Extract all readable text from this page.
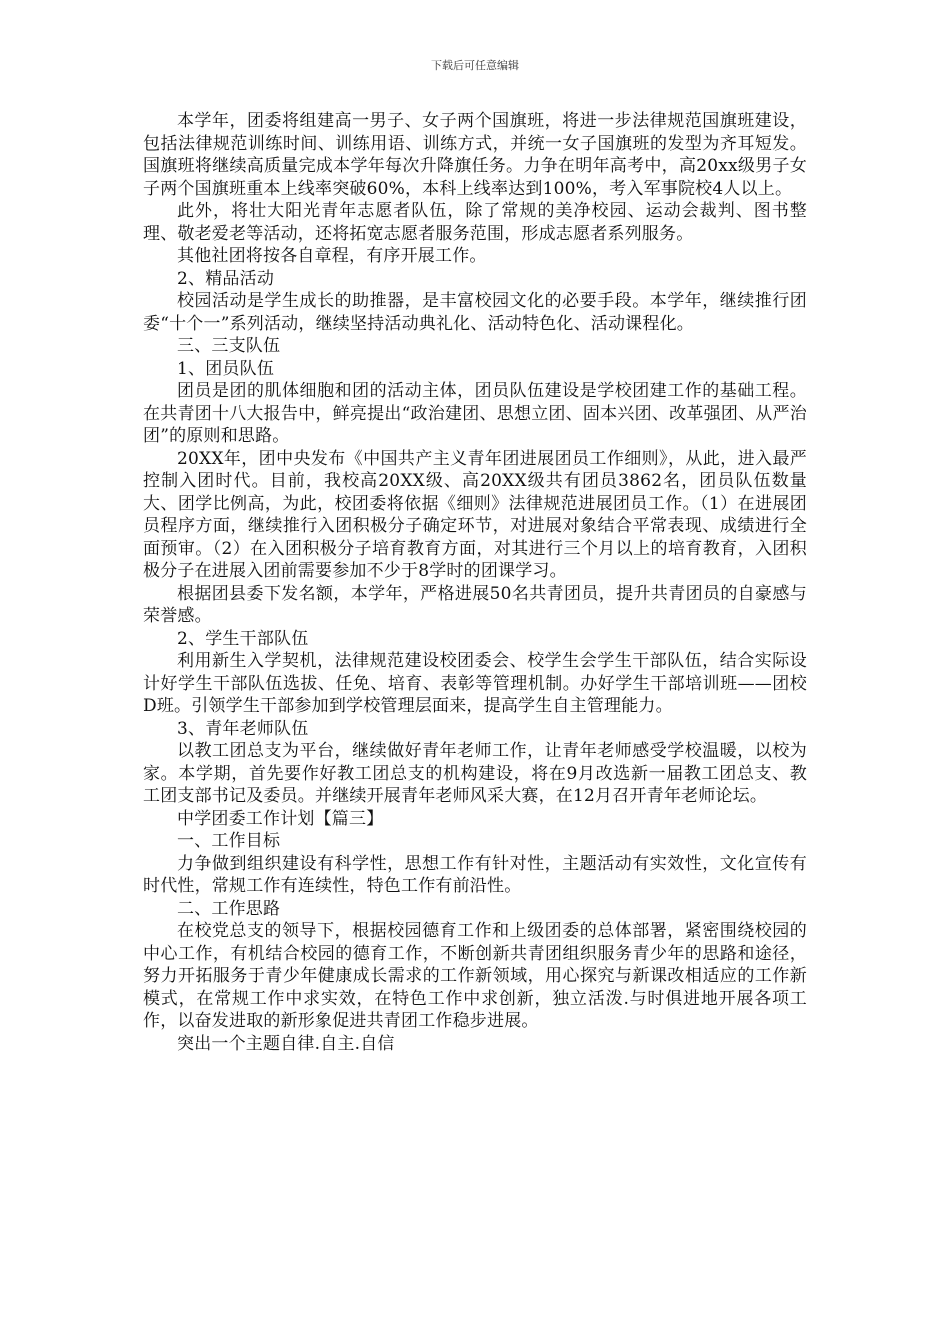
下载后可任意编辑

本学年，团委将组建高一男子、女子两个国旗班，将进一步法律规范国旗班建设，包括法律规范训练时间、训练用语、训练方式，并统一女子国旗班的发型为齐耳短发。国旗班将继续高质量完成本学年每次升降旗任务。力争在明年高考中，高20xx级男子女子两个国旗班重本上线率突破60%，本科上线率达到100%，考入军事院校4人以上。

此外，将壮大阳光青年志愿者队伍，除了常规的美净校园、运动会裁判、图书整理、敬老爱老等活动，还将拓宽志愿者服务范围，形成志愿者系列服务。

其他社团将按各自章程，有序开展工作。

2、精品活动

校园活动是学生成长的助推器，是丰富校园文化的必要手段。本学年，继续推行团委“十个一”系列活动，继续坚持活动典礼化、活动特色化、活动课程化。

三、三支队伍

1、团员队伍

团员是团的肌体细胞和团的活动主体，团员队伍建设是学校团建工作的基础工程。在共青团十八大报告中，鲜亮提出“政治建团、思想立团、固本兴团、改革强团、从严治团”的原则和思路。

20XX年，团中央发布《中国共产主义青年团进展团员工作细则》，从此，进入最严控制入团时代。目前，我校高20XX级、高20XX级共有团员3862名，团员队伍数量大、团学比例高，为此，校团委将依据《细则》法律规范进展团员工作。（1）在进展团员程序方面，继续推行入团积极分子确定环节，对进展对象结合平常表现、成绩进行全面预审。（2）在入团积极分子培育教育方面，对其进行三个月以上的培育教育，入团积极分子在进展入团前需要参加不少于8学时的团课学习。

根据团县委下发名额，本学年，严格进展50名共青团员，提升共青团员的自豪感与荣誉感。

2、学生干部队伍

利用新生入学契机，法律规范建设校团委会、校学生会学生干部队伍，结合实际设计好学生干部队伍选拔、任免、培育、表彰等管理机制。办好学生干部培训班——团校D班。引领学生干部参加到学校管理层面来，提高学生自主管理能力。

3、青年老师队伍

以教工团总支为平台，继续做好青年老师工作，让青年老师感受学校温暖，以校为家。本学期，首先要作好教工团总支的机构建设，将在9月改选新一届教工团总支、教工团支部书记及委员。并继续开展青年老师风采大赛，在12月召开青年老师论坛。

中学团委工作计划【篇三】

一、工作目标

力争做到组织建设有科学性，思想工作有针对性，主题活动有实效性，文化宣传有时代性，常规工作有连续性，特色工作有前沿性。

二、工作思路

在校党总支的领导下，根据校园德育工作和上级团委的总体部署，紧密围绕校园的中心工作，有机结合校园的德育工作，不断创新共青团组织服务青少年的思路和途径，努力开拓服务于青少年健康成长需求的工作新领域，用心探究与新课改相适应的工作新模式，在常规工作中求实效，在特色工作中求创新，独立活泼.与时俱进地开展各项工作，以奋发进取的新形象促进共青团工作稳步进展。

突出一个主题自律.自主.自信
